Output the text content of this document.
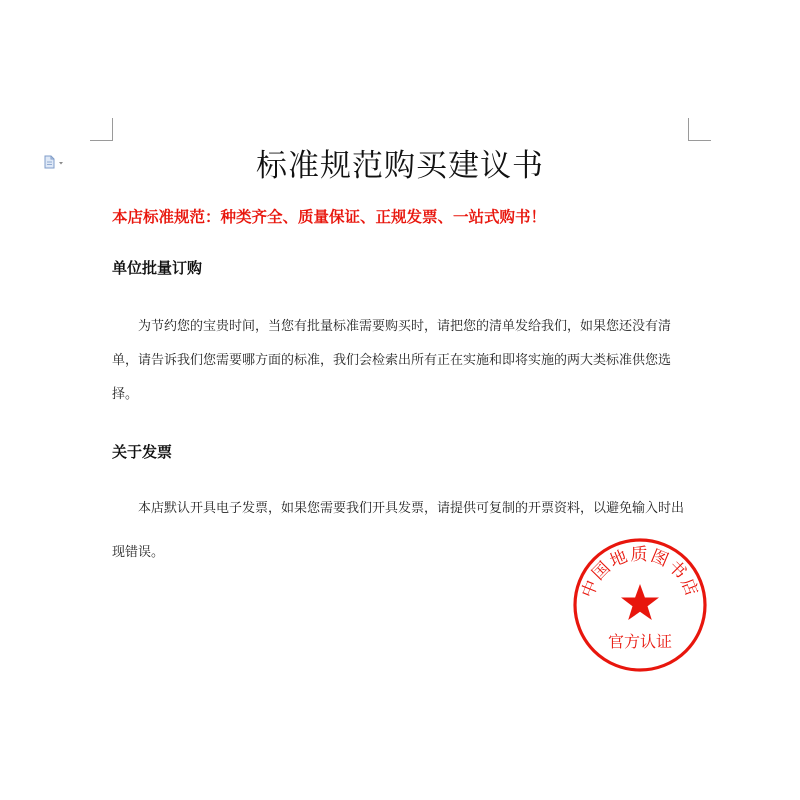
标准规范购买建议书

本店标准规范：种类齐全、质量保证、正规发票、一站式购书！

单位批量订购

为节约您的宝贵时间，当您有批量标准需要购买时，请把您的清单发给我们，如果您还没有清单，请告诉我们您需要哪方面的标准，我们会检索出所有正在实施和即将实施的两大类标准供您选择。

关于发票

本店默认开具电子发票，如果您需要我们开具发票，请提供可复制的开票资料，以避免输入时出现错误。

中国地质图书店
官方认证
